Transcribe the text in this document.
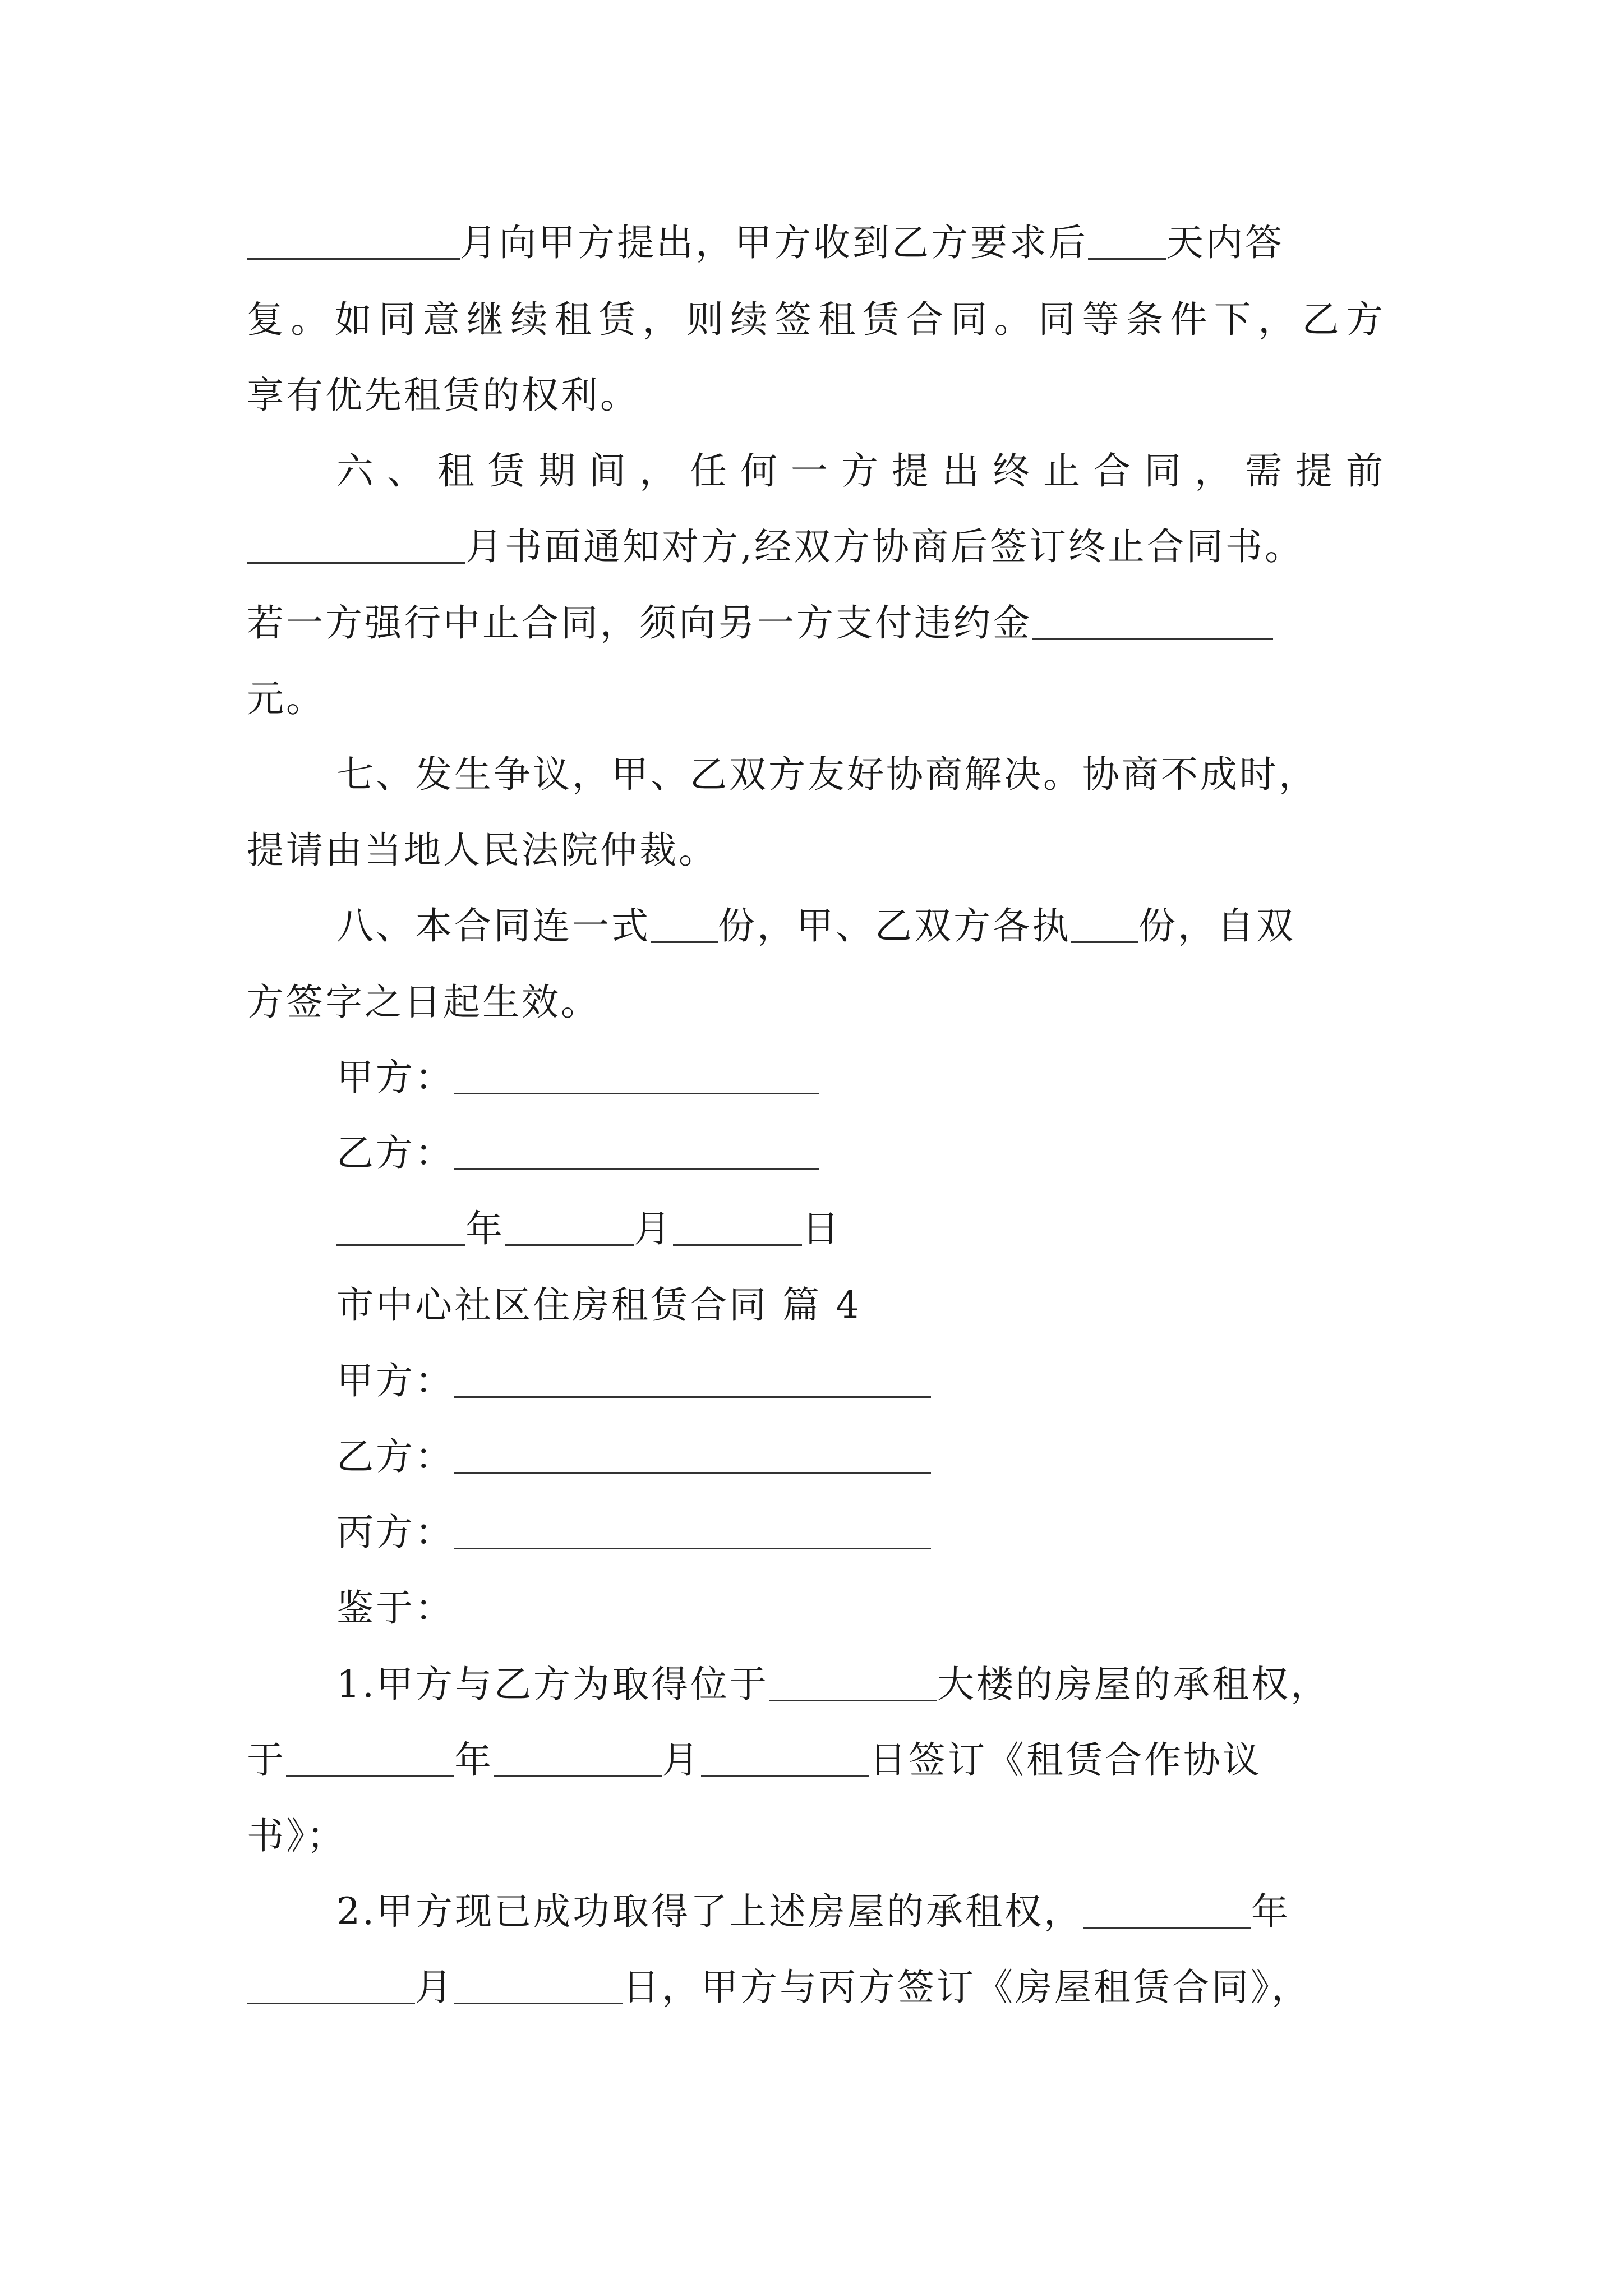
月向甲方提出，甲方收到乙方要求后 天内答
复。如同意继续租赁，则续签租赁合同。同等条件下，乙方
享有优先租赁的权利。
六、租赁期间，任何一方提出终止合同，需提前
月书面通知对方,经双方协商后签订终止合同书。
若一方强行中止合同，须向另一方支付违约金
元。
七、发生争议，甲、乙双方友好协商解决。协商不成时，
提请由当地人民法院仲裁。
八、本合同连一式 份，甲、乙双方各执 份，自双
方签字之日起生效。
甲方：
乙方：
年	月	日
市中心社区住房租赁合同 篇 4
甲方：
乙方：
丙方：
鉴于：
1.甲方与乙方为取得位于	大楼的房屋的承租权，
于	年	月	日签订《租赁合作协议
书》；
2.甲方现已成功取得了上述房屋的承租权，	年
月	日，甲方与丙方签订《房屋租赁合同》，
